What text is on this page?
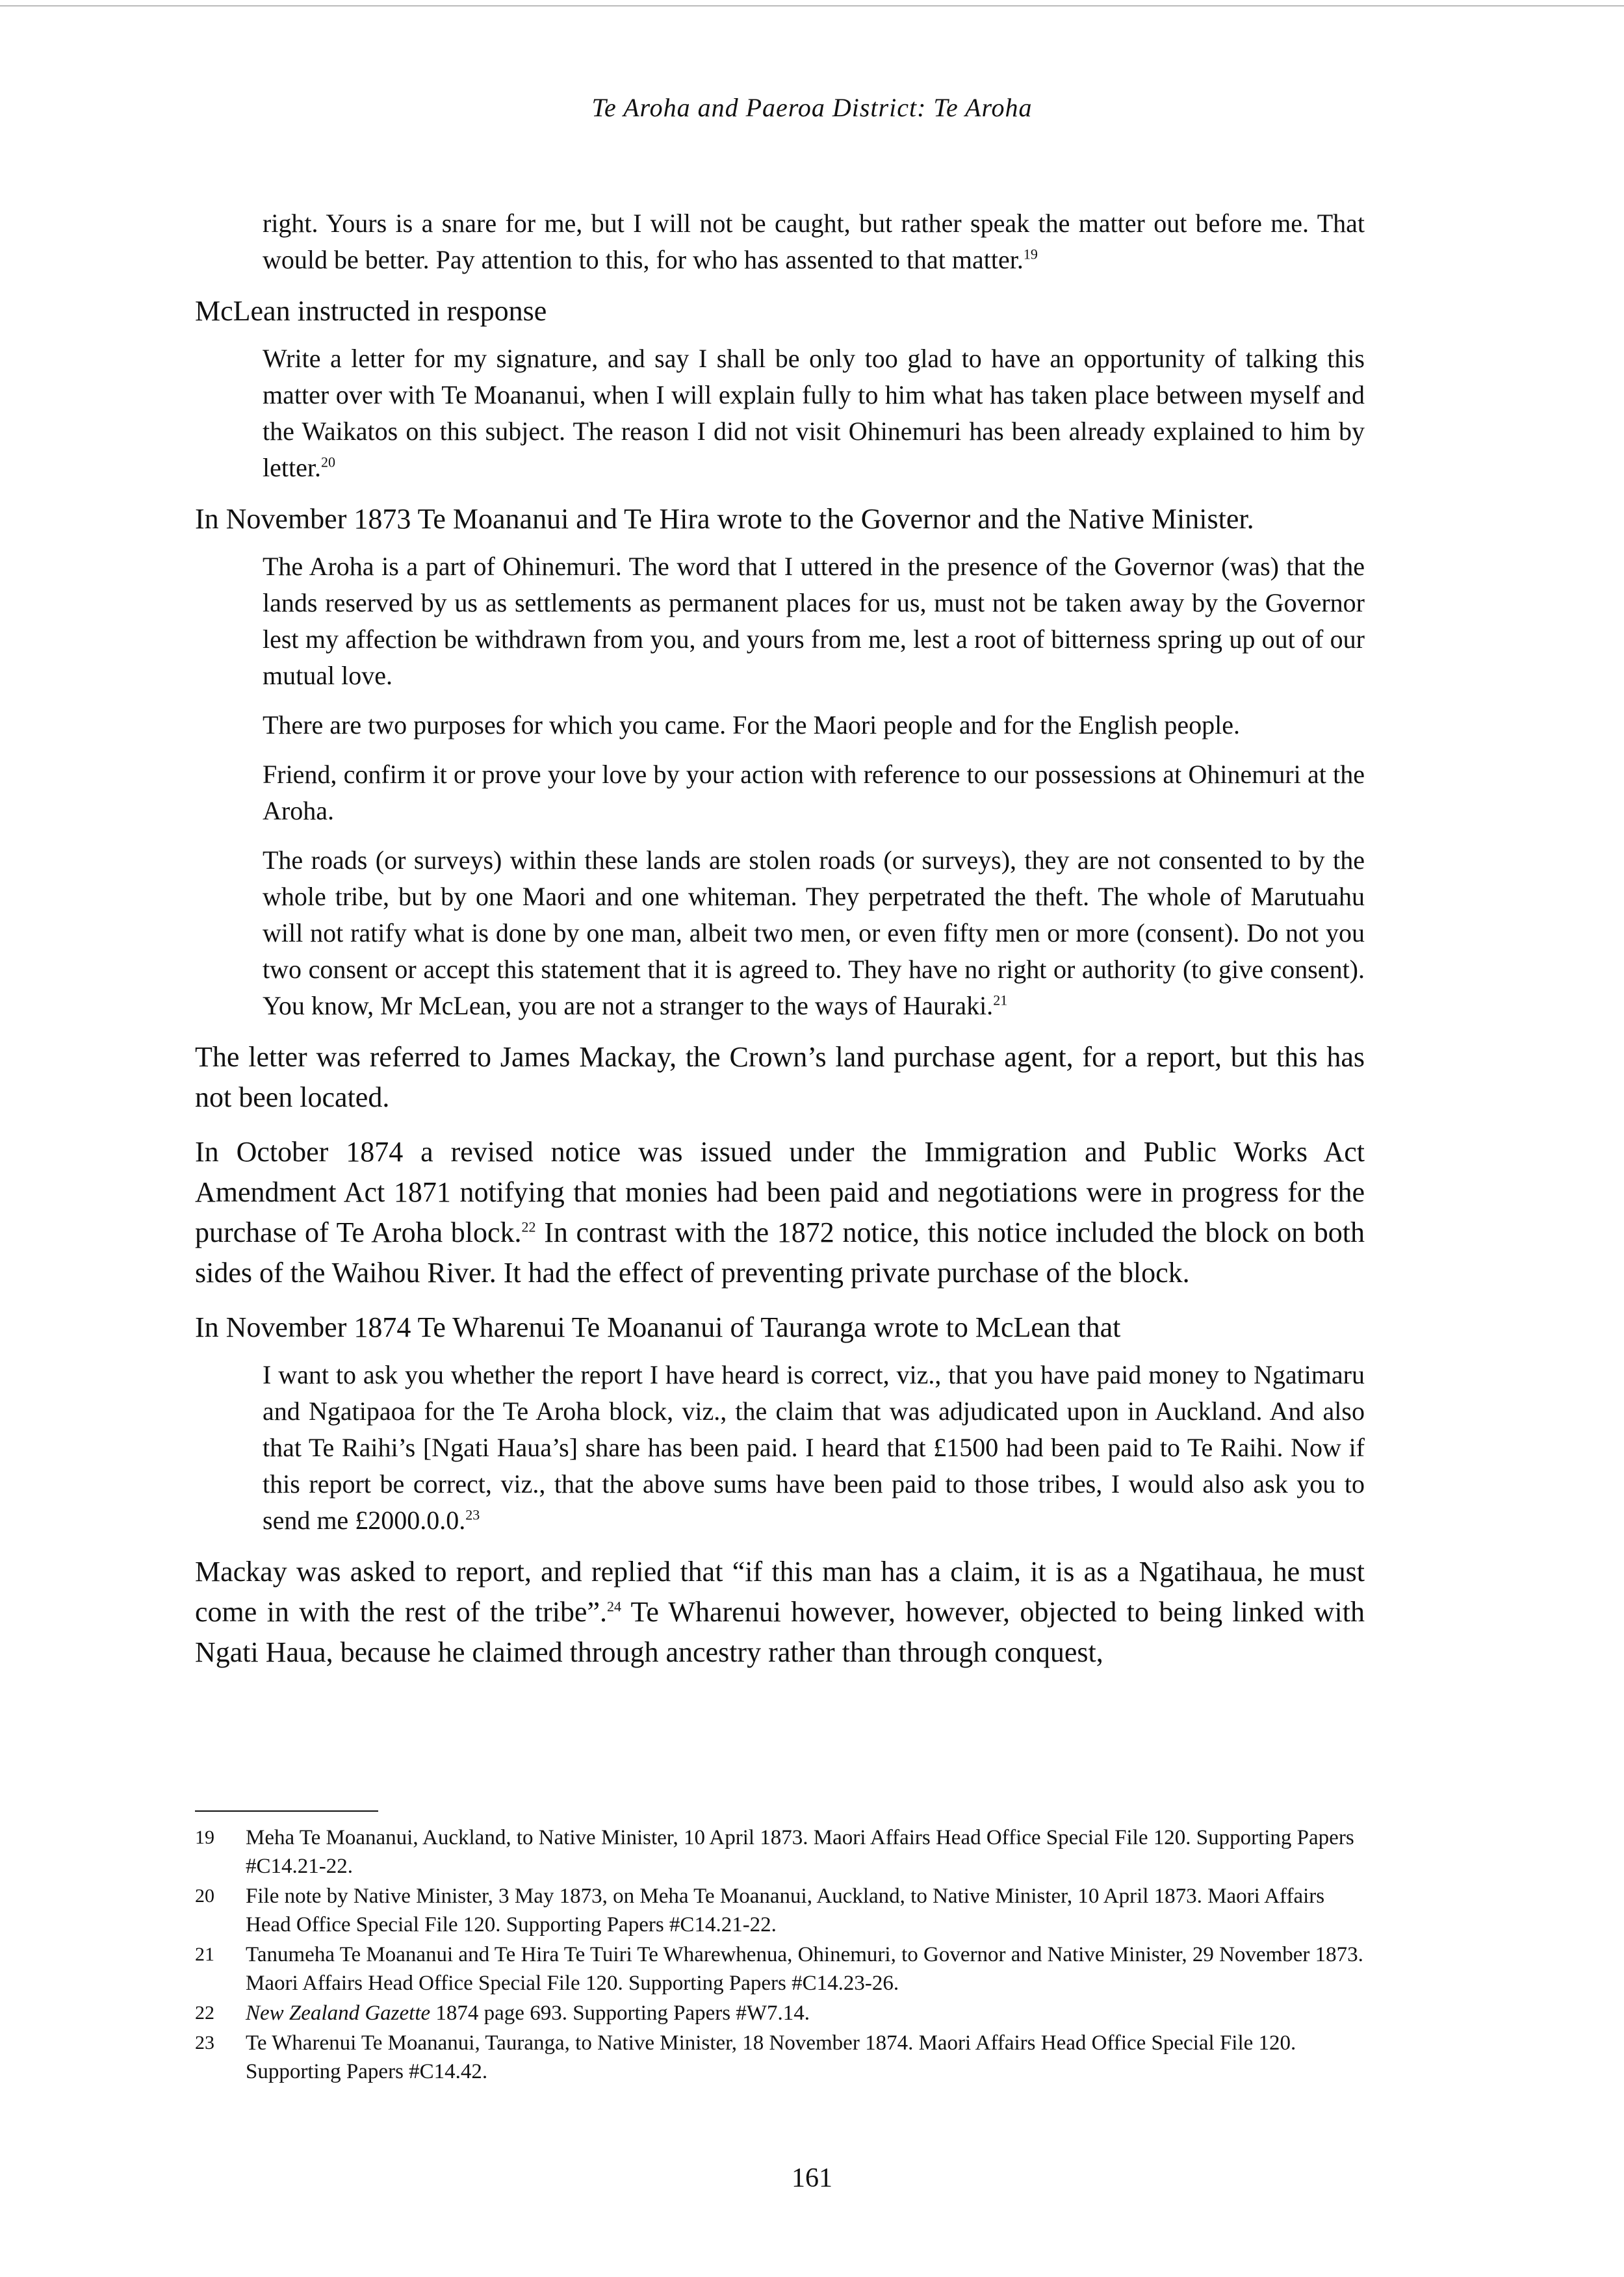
Te Aroha and Paeroa District: Te Aroha

right. Yours is a snare for me, but I will not be caught, but rather speak the matter out before me. That would be better. Pay attention to this, for who has assented to that matter.$^{19}$

McLean instructed in response

Write a letter for my signature, and say I shall be only too glad to have an opportunity of talking this matter over with Te Moananui, when I will explain fully to him what has taken place between myself and the Waikatos on this subject. The reason I did not visit Ohinemuri has been already explained to him by letter.$^{20}$

In November 1873 Te Moananui and Te Hira wrote to the Governor and the Native Minister.

The Aroha is a part of Ohinemuri. The word that I uttered in the presence of the Governor (was) that the lands reserved by us as settlements as permanent places for us, must not be taken away by the Governor lest my affection be withdrawn from you, and yours from me, lest a root of bitterness spring up out of our mutual love.

There are two purposes for which you came. For the Maori people and for the English people.

Friend, confirm it or prove your love by your action with reference to our possessions at Ohinemuri at the Aroha.

The roads (or surveys) within these lands are stolen roads (or surveys), they are not consented to by the whole tribe, but by one Maori and one whiteman. They perpetrated the theft. The whole of Marutuahu will not ratify what is done by one man, albeit two men, or even fifty men or more (consent). Do not you two consent or accept this statement that it is agreed to. They have no right or authority (to give consent). You know, Mr McLean, you are not a stranger to the ways of Hauraki.$^{21}$

The letter was referred to James Mackay, the Crown’s land purchase agent, for a report, but this has not been located.

In October 1874 a revised notice was issued under the Immigration and Public Works Act Amendment Act 1871 notifying that monies had been paid and negotiations were in progress for the purchase of Te Aroha block.$^{22}$ In contrast with the 1872 notice, this notice included the block on both sides of the Waihou River. It had the effect of preventing private purchase of the block.

In November 1874 Te Wharenui Te Moananui of Tauranga wrote to McLean that

I want to ask you whether the report I have heard is correct, viz., that you have paid money to Ngatimaru and Ngatipaoa for the Te Aroha block, viz., the claim that was adjudicated upon in Auckland. And also that Te Raihi’s [Ngati Haua’s] share has been paid. I heard that £1500 had been paid to Te Raihi. Now if this report be correct, viz., that the above sums have been paid to those tribes, I would also ask you to send me £2000.0.0.23

Mackay was asked to report, and replied that “if this man has a claim, it is as a Ngatihaua, he must come in with the rest of the tribe”.$^{24}$ Te Wharenui however, however, objected to being linked with Ngati Haua, because he claimed through ancestry rather than through conquest,

19	Meha Te Moananui, Auckland, to Native Minister, 10 April 1873. Maori Affairs Head Office Special File 120. Supporting Papers #C14.21-22.
20	File note by Native Minister, 3 May 1873, on Meha Te Moananui, Auckland, to Native Minister, 10 April 1873. Maori Affairs Head Office Special File 120. Supporting Papers #C14.21-22.
21	Tanumeha Te Moananui and Te Hira Te Tuiri Te Wharewhenua, Ohinemuri, to Governor and Native Minister, 29 November 1873. Maori Affairs Head Office Special File 120. Supporting Papers #C14.23-26.
22	New Zealand Gazette 1874 page 693. Supporting Papers #W7.14.
23	Te Wharenui Te Moananui, Tauranga, to Native Minister, 18 November 1874. Maori Affairs Head Office Special File 120. Supporting Papers #C14.42.
161
